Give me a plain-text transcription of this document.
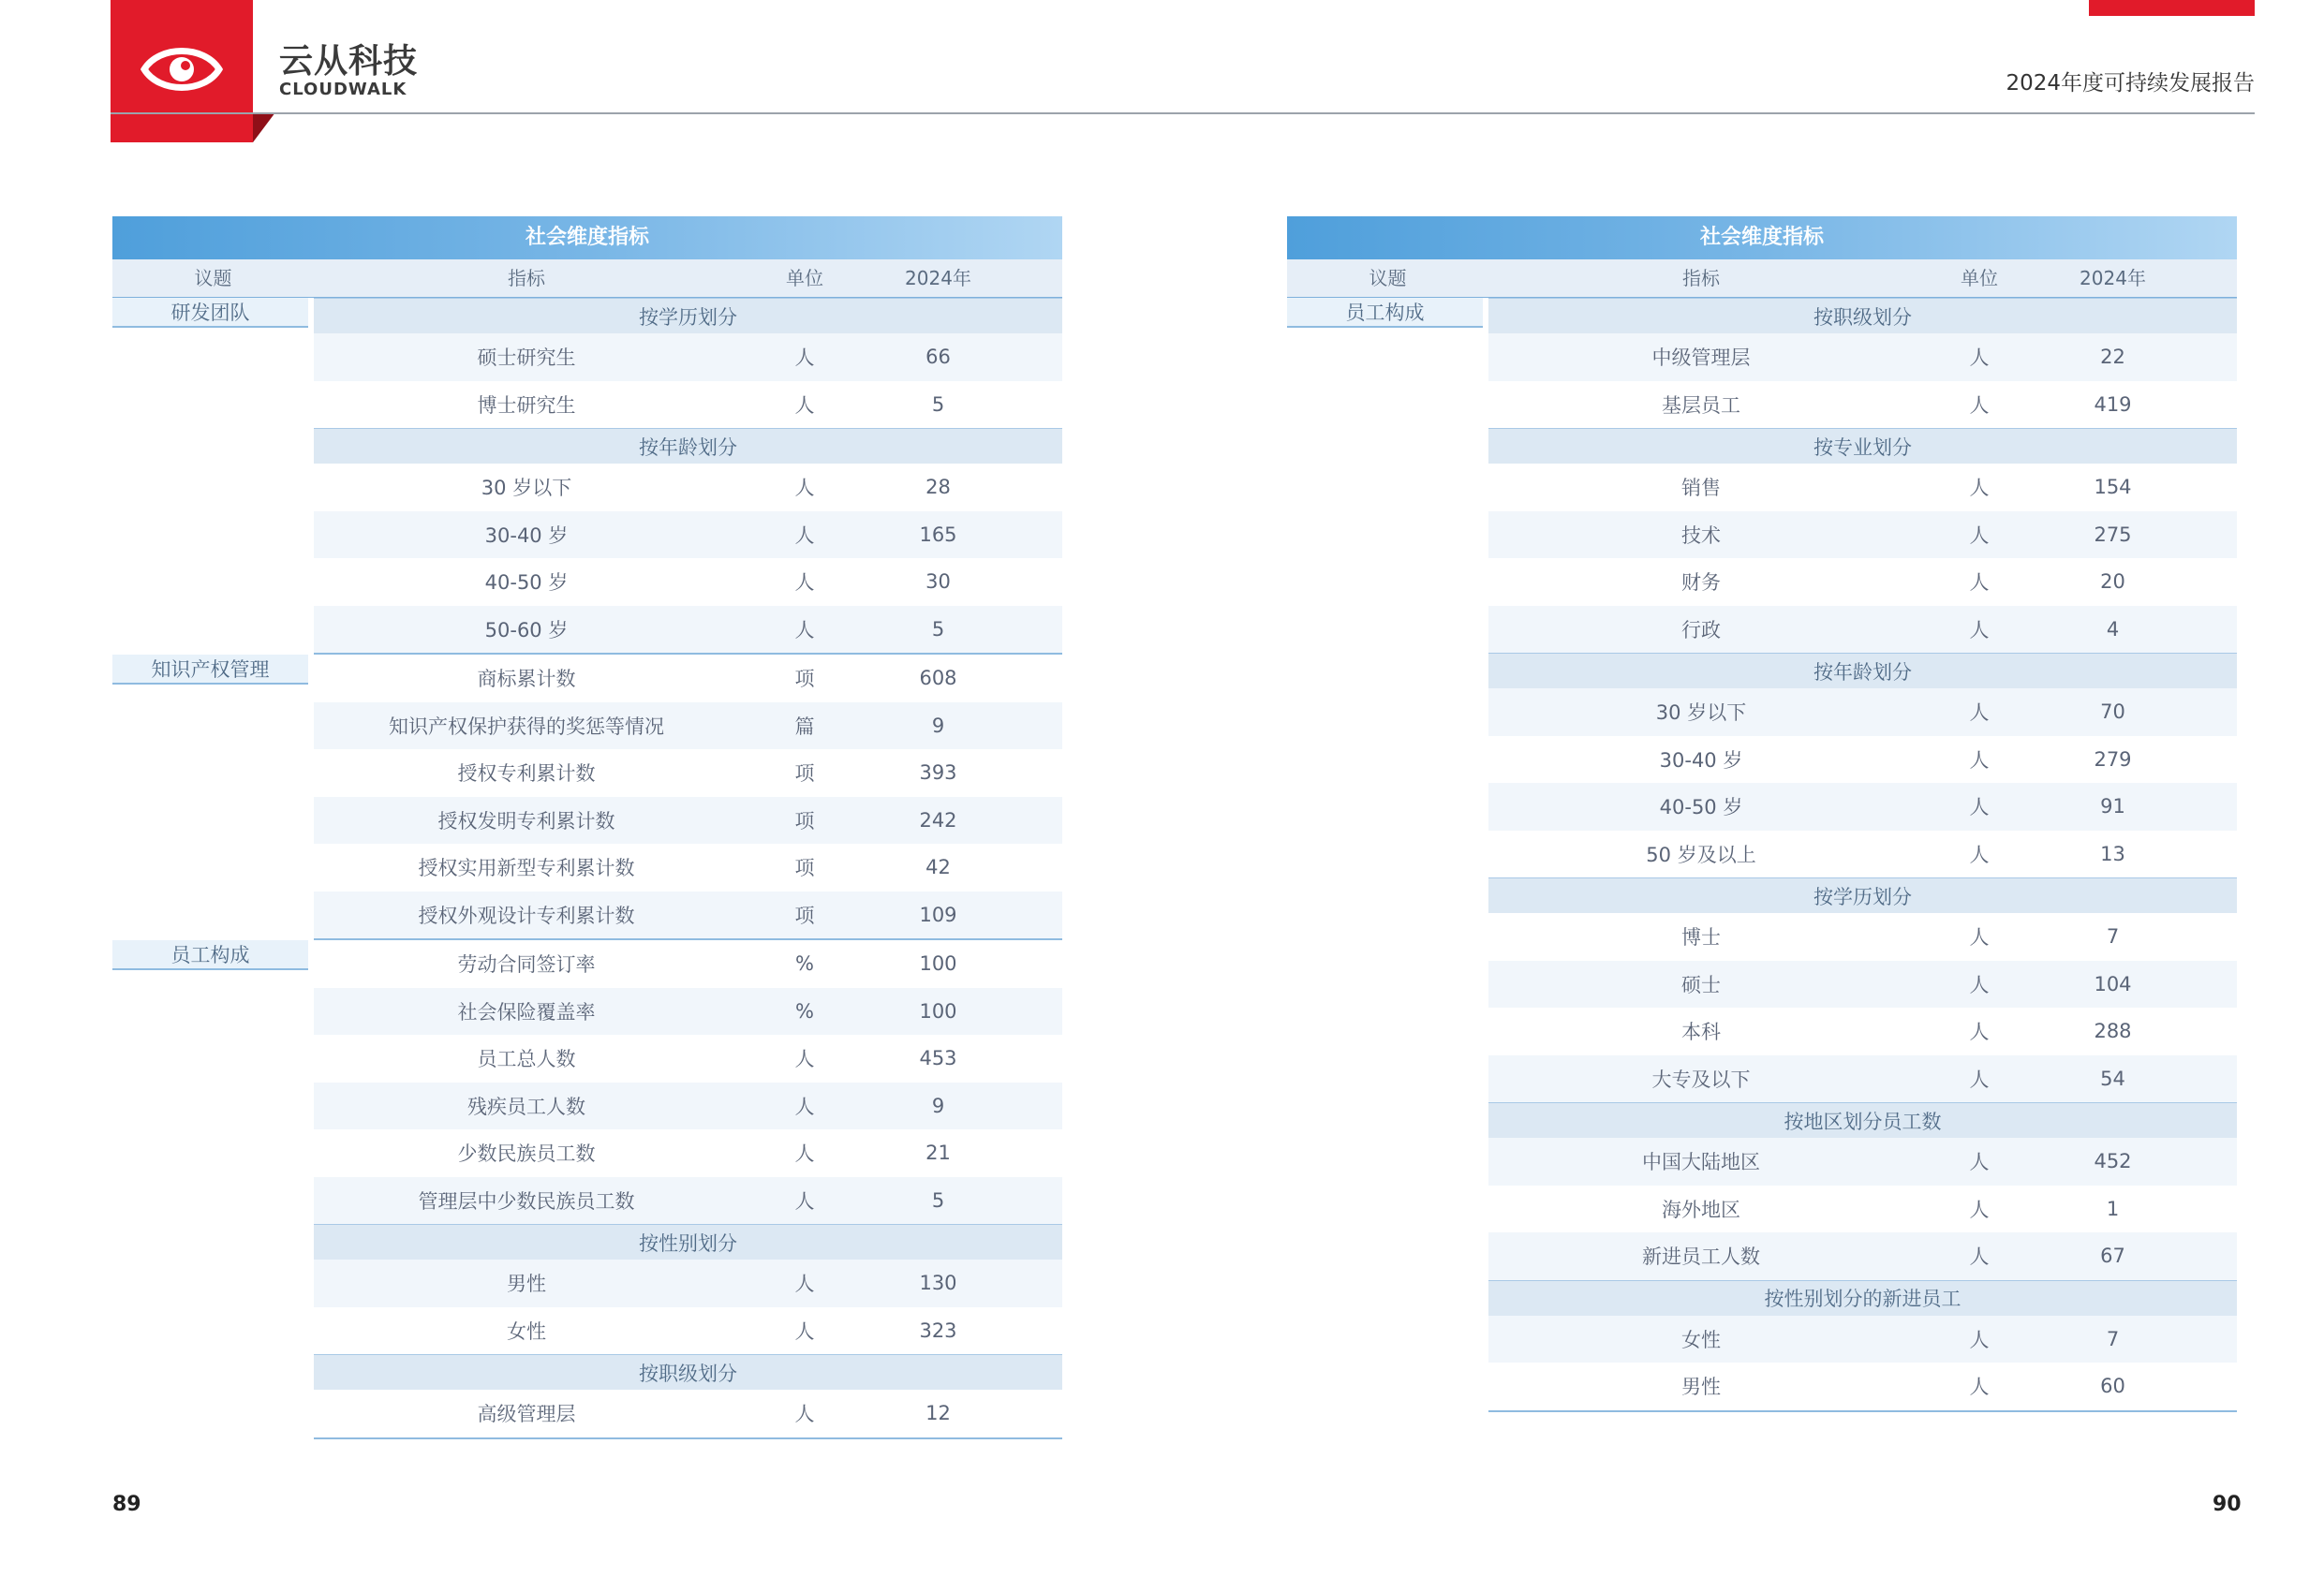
云从科技
CLOUDWALK	2024年度可持续发展报告
社会维度指标
议题	指标	单位	2024年
研发团队	按学历划分
硕士研究生	人	66
博士研究生	人	5
按年龄划分
30 岁以下	人	28
30-40 岁	人	165
40-50 岁	人	30
50-60 岁	人	5
知识产权管理	商标累计数	项	608
知识产权保护获得的奖惩等情况	篇	9
授权专利累计数	项	393
授权发明专利累计数	项	242
授权实用新型专利累计数	项	42
授权外观设计专利累计数	项	109
员工构成	劳动合同签订率	%	100
社会保险覆盖率	%	100
员工总人数	人	453
残疾员工人数	人	9
少数民族员工数	人	21
管理层中少数民族员工数	人	5
按性别划分
男性	人	130
女性	人	323
按职级划分
高级管理层	人	12
社会维度指标
议题	指标	单位	2024年
员工构成	按职级划分
中级管理层	人	22
基层员工	人	419
按专业划分
销售	人	154
技术	人	275
财务	人	20
行政	人	4
按年龄划分
30 岁以下	人	70
30-40 岁	人	279
40-50 岁	人	91
50 岁及以上	人	13
按学历划分
博士	人	7
硕士	人	104
本科	人	288
大专及以下	人	54
按地区划分员工数
中国大陆地区	人	452
海外地区	人	1
新进员工人数	人	67
按性别划分的新进员工
女性	人	7
男性	人	60
89	90
